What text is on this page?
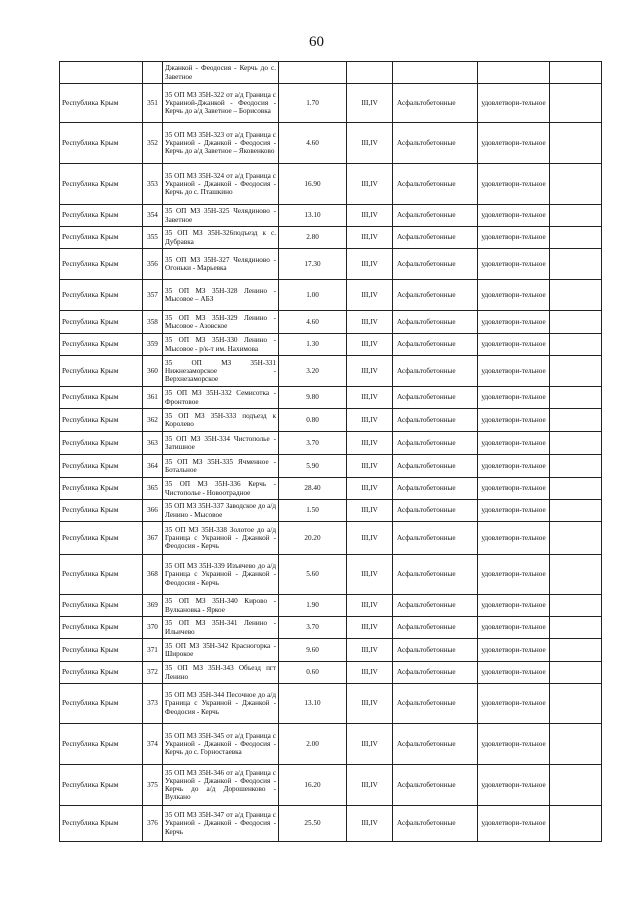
60
		Джанкой - Феодосия - Керчь до с. Заветное					
Республика Крым	351	35 ОП МЗ 35Н-322 от а/д Граница с Украиной-Джанкой - Феодосия - Керчь до а/д Заветное – Борисовка	1.70	III,IV	Асфальтобетонные	удовлетвори-тельное	
Республика Крым	352	35 ОП МЗ 35Н-323 от а/д Граница с Украиной - Джанкой - Феодосия - Керчь до а/д Заветное – Яковенково	4.60	III,IV	Асфальтобетонные	удовлетвори-тельное	
Республика Крым	353	35 ОП МЗ 35Н-324 от а/д Граница с Украиной - Джанкой - Феодосия - Керчь до с. Пташкино	16.90	III,IV	Асфальтобетонные	удовлетвори-тельное	
Республика Крым	354	35 ОП МЗ 35Н-325 Челядиново - Заветное	13.10	III,IV	Асфальтобетонные	удовлетвори-тельное	
Республика Крым	355	35 ОП МЗ 35Н-326подъезд к с. Дубравка	2.80	III,IV	Асфальтобетонные	удовлетвори-тельное	
Республика Крым	356	35 ОП МЗ 35Н-327 Челядиново - Огоньки - Марьевка	17.30	III,IV	Асфальтобетонные	удовлетвори-тельное	
Республика Крым	357	35 ОП МЗ 35Н-328 Ленино - Мысовое – АБЗ	1.00	III,IV	Асфальтобетонные	удовлетвори-тельное	
Республика Крым	358	35 ОП МЗ 35Н-329 Ленино - Мысовое - Азовское	4.60	III,IV	Асфальтобетонные	удовлетвори-тельное	
Республика Крым	359	35 ОП МЗ 35Н-330 Ленино - Мысовое - р/к-т им. Нахимова	1.30	III,IV	Асфальтобетонные	удовлетвори-тельное	
Республика Крым	360	35 ОП МЗ 35Н-331 Нижнезаморское - Верхнезаморское	3.20	III,IV	Асфальтобетонные	удовлетвори-тельное	
Республика Крым	361	35 ОП МЗ 35Н-332 Семисотка - Фронтовое	9.80	III,IV	Асфальтобетонные	удовлетвори-тельное	
Республика Крым	362	35 ОП МЗ 35Н-333 подъезд к Королево	0.80	III,IV	Асфальтобетонные	удовлетвори-тельное	
Республика Крым	363	35 ОП МЗ 35Н-334 Чистополье - Затишное	3.70	III,IV	Асфальтобетонные	удовлетвори-тельное	
Республика Крым	364	35 ОП МЗ 35Н-335 Ячменное - Ботальное	5.90	III,IV	Асфальтобетонные	удовлетвори-тельное	
Республика Крым	365	35 ОП МЗ 35Н-336 Керчь - Чистополье - Новоотрадное	28.40	III,IV	Асфальтобетонные	удовлетвори-тельное	
Республика Крым	366	35 ОП МЗ 35Н-337 Заводское до а/д Ленино - Мысовое	1.50	III,IV	Асфальтобетонные	удовлетвори-тельное	
Республика Крым	367	35 ОП МЗ 35Н-338 Золотое до а/д Граница с Украиной - Джанкой - Феодосия - Керчь	20.20	III,IV	Асфальтобетонные	удовлетвори-тельное	
Республика Крым	368	35 ОП МЗ 35Н-339 Изъячево до а/д Граница с Украиной - Джанкой - Феодосия - Керчь	5.60	III,IV	Асфальтобетонные	удовлетвори-тельное	
Республика Крым	369	35 ОП МЗ 35Н-340 Кирово - Вулкановка - Яркое	1.90	III,IV	Асфальтобетонные	удовлетвори-тельное	
Республика Крым	370	35 ОП МЗ 35Н-341 Ленино - Ильичево	3.70	III,IV	Асфальтобетонные	удовлетвори-тельное	
Республика Крым	371	35 ОП МЗ 35Н-342 Красногорка - Широкое	9.60	III,IV	Асфальтобетонные	удовлетвори-тельное	
Республика Крым	372	35 ОП МЗ 35Н-343 Объезд пгт Ленино	0.60	III,IV	Асфальтобетонные	удовлетвори-тельное	
Республика Крым	373	35 ОП МЗ 35Н-344 Песочное до а/д Граница с Украиной - Джанкой - Феодосия - Керчь	13.10	III,IV	Асфальтобетонные	удовлетвори-тельное	
Республика Крым	374	35 ОП МЗ 35Н-345 от а/д Граница с Украиной - Джанкой - Феодосия - Керчь до с. Горностаевка	2.00	III,IV	Асфальтобетонные	удовлетвори-тельное	
Республика Крым	375	35 ОП МЗ 35Н-346 от а/д Граница с Украиной - Джанкой - Феодосия - Керчь до а/д Дорошенково - Вулкано	16.20	III,IV	Асфальтобетонные	удовлетвори-тельное	
Республика Крым	376	35 ОП МЗ 35Н-347 от а/д Граница с Украиной - Джанкой - Феодосия - Керчь	25.50	III,IV	Асфальтобетонные	удовлетвори-тельное	
